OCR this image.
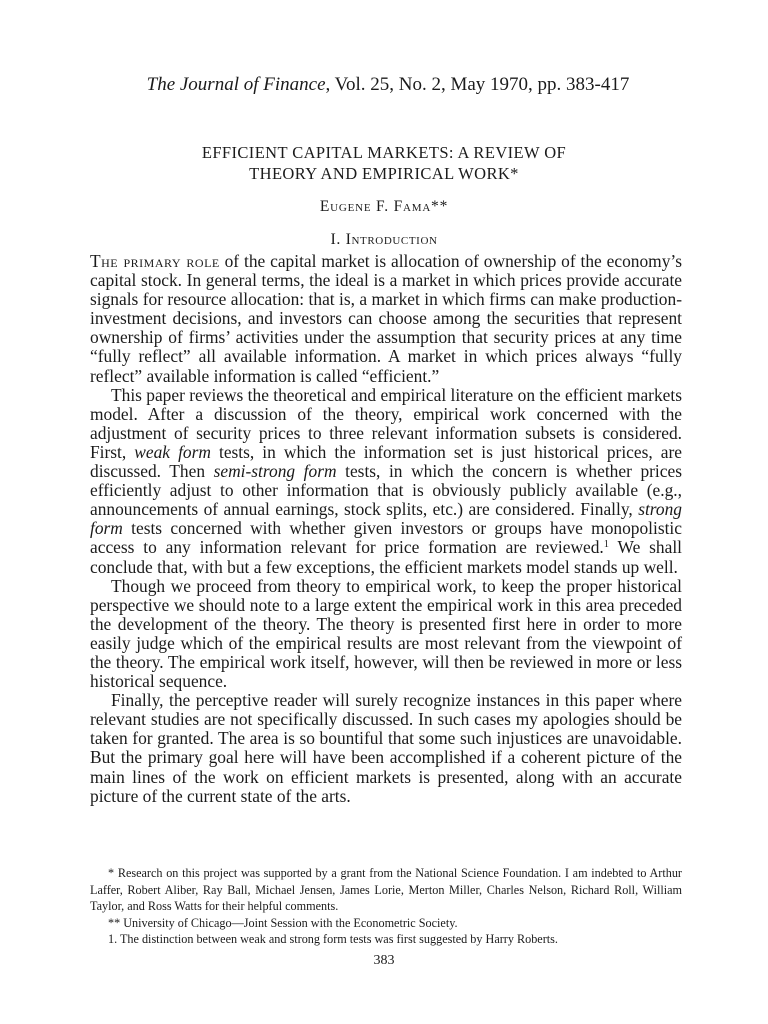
The Journal of Finance, Vol. 25, No. 2, May 1970, pp. 383-417
EFFICIENT CAPITAL MARKETS: A REVIEW OF
THEORY AND EMPIRICAL WORK*
Eugene F. Fama**
I. Introduction

The primary role of the capital market is allocation of ownership of the economy’s capital stock. In general terms, the ideal is a market in which prices provide accurate signals for resource allocation: that is, a market in which firms can make production-investment decisions, and investors can choose among the securities that represent ownership of firms’ activities under the assumption that security prices at any time “fully reflect” all available information. A market in which prices always “fully reflect” available information is called “efficient.”

This paper reviews the theoretical and empirical literature on the efficient markets model. After a discussion of the theory, empirical work concerned with the adjustment of security prices to three relevant information subsets is considered. First, weak form tests, in which the information set is just historical prices, are discussed. Then semi-strong form tests, in which the concern is whether prices efficiently adjust to other information that is obviously publicly available (e.g., announcements of annual earnings, stock splits, etc.) are considered. Finally, strong form tests concerned with whether given investors or groups have monopolistic access to any information relevant for price formation are reviewed.$^1$ We shall conclude that, with but a few exceptions, the efficient markets model stands up well.

Though we proceed from theory to empirical work, to keep the proper historical perspective we should note to a large extent the empirical work in this area preceded the development of the theory. The theory is presented first here in order to more easily judge which of the empirical results are most relevant from the viewpoint of the theory. The empirical work itself, however, will then be reviewed in more or less historical sequence.

Finally, the perceptive reader will surely recognize instances in this paper where relevant studies are not specifically discussed. In such cases my apologies should be taken for granted. The area is so bountiful that some such injustices are unavoidable. But the primary goal here will have been accomplished if a coherent picture of the main lines of the work on efficient markets is presented, along with an accurate picture of the current state of the arts.

* Research on this project was supported by a grant from the National Science Foundation. I am indebted to Arthur Laffer, Robert Aliber, Ray Ball, Michael Jensen, James Lorie, Merton Miller, Charles Nelson, Richard Roll, William Taylor, and Ross Watts for their helpful comments.

** University of Chicago—Joint Session with the Econometric Society.

1. The distinction between weak and strong form tests was first suggested by Harry Roberts.

383
